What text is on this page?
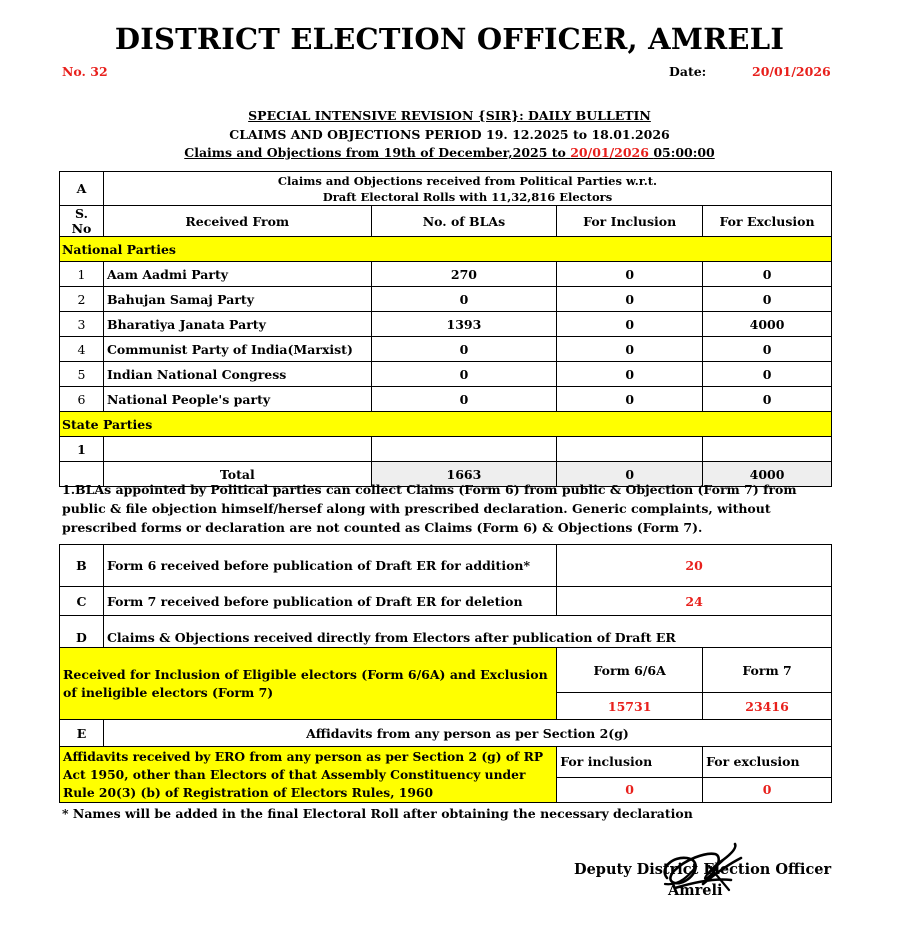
DISTRICT ELECTION OFFICER, AMRELI
No. 32	Date:	20/01/2026
SPECIAL INTENSIVE REVISION {SIR}: DAILY BULLETIN
CLAIMS AND OBJECTIONS PERIOD 19. 12.2025 to 18.01.2026
Claims and Objections from 19th of December,2025 to 20/01/2026 05:00:00
A	Claims and Objections received from Political Parties w.r.t.
Draft Electoral Rolls with 11,32,816 Electors			

S. No	Received From	No. of BLAs	For Inclusion	For Exclusion
National Parties				
1	Aam Aadmi Party	270	0	0
2	Bahujan Samaj Party	0	0	0
3	Bharatiya Janata Party	1393	0	4000
4	Communist Party of India(Marxist)	0	0	0
5	Indian National Congress	0	0	0
6	National People's party	0	0	0
State Parties				
1				
	Total	1663	0	4000
1.BLAs appointed by Political parties can collect Claims (Form 6) from public & Objection (Form 7) from public & file objection himself/hersef along with prescribed declaration. Generic complaints, without prescribed forms or declaration are not counted as Claims (Form 6) & Objections (Form 7).
B	Form 6 received before publication of Draft ER for addition*	20	
C	Form 7 received before publication of Draft ER for deletion	24	
D	Claims & Objections received directly from Electors after publication of Draft ER		
Received for Inclusion of Eligible electors (Form 6/6A) and Exclusion of ineligible electors (Form 7)		Form 6/6A	Form 7
		15731	23416
E	Affidavits from any person as per Section 2(g)		
Affidavits received by ERO from any person as per Section 2 (g) of RP Act 1950, other than Electors of that Assembly Constituency under Rule 20(3) (b) of Registration of Electors Rules, 1960		For inclusion	For exclusion
		0	0
* Names will be added in the final Electoral Roll after obtaining the necessary declaration
Deputy District Election Officer
Amreli
